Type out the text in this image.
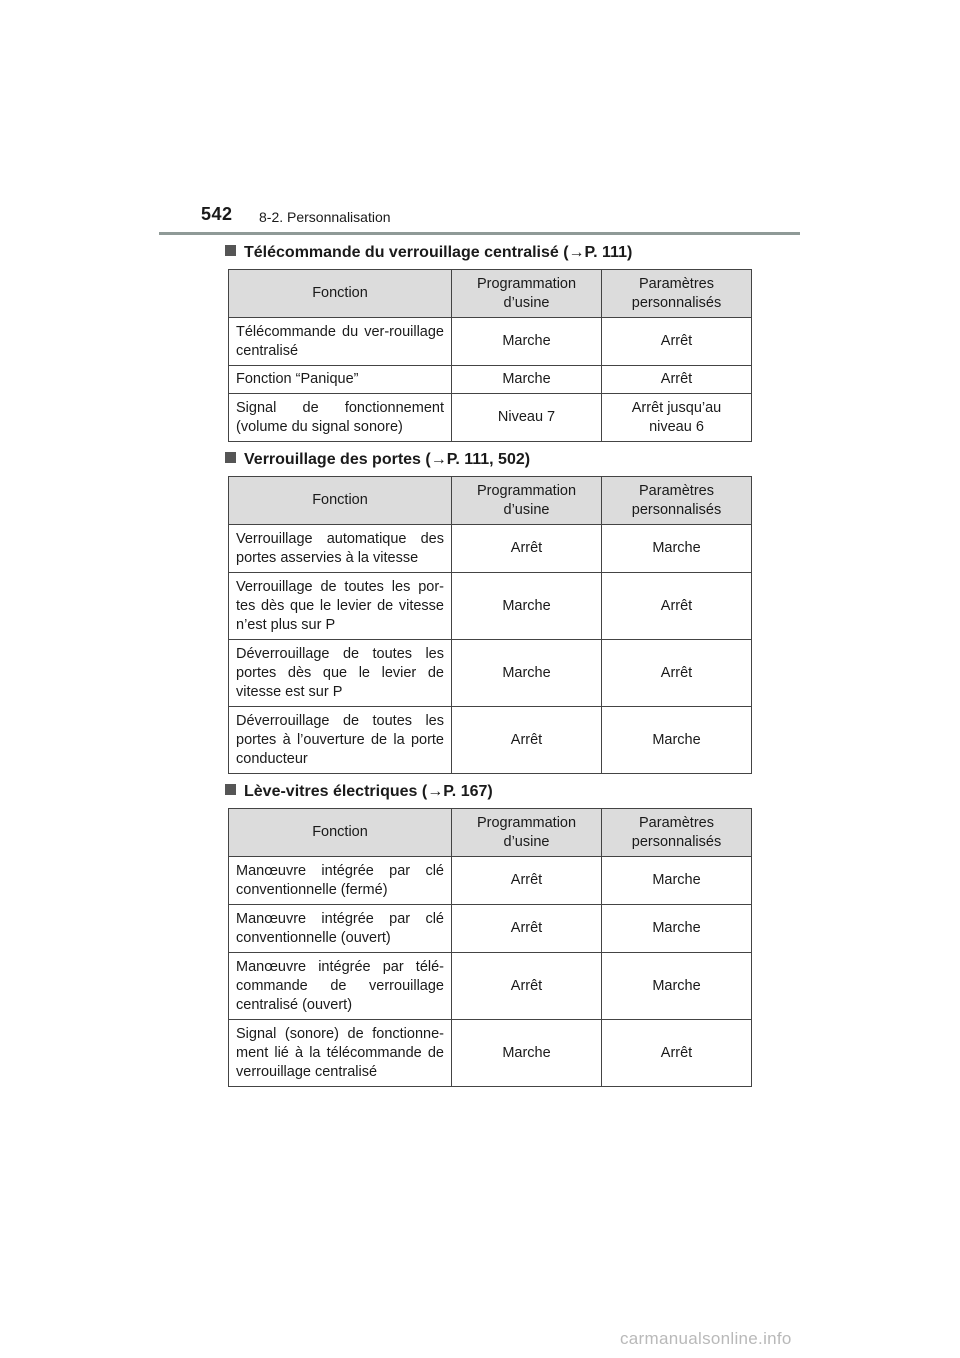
542 8-2. Personnalisation
Télécommande du verrouillage centralisé (→P. 111)
Fonction	Programmation d’usine	Paramètres personnalisés
Télécommande du ver-rouillage centralisé	Marche	Arrêt
Fonction “Panique”	Marche	Arrêt
Signal de fonctionnement (volume du signal sonore)	Niveau 7	Arrêt jusqu’au niveau 6
Verrouillage des portes (→P. 111, 502)
Fonction	Programmation d’usine	Paramètres personnalisés
Verrouillage automatique des portes asservies à la vitesse	Arrêt	Marche
Verrouillage de toutes les por-tes dès que le levier de vitesse n’est plus sur P	Marche	Arrêt
Déverrouillage de toutes les portes dès que le levier de vitesse est sur P	Marche	Arrêt
Déverrouillage de toutes les portes à l’ouverture de la porte conducteur	Arrêt	Marche
Lève-vitres électriques (→P. 167)
Fonction	Programmation d’usine	Paramètres personnalisés
Manœuvre intégrée par clé conventionnelle (fermé)	Arrêt	Marche
Manœuvre intégrée par clé conventionnelle (ouvert)	Arrêt	Marche
Manœuvre intégrée par télé-commande de verrouillage centralisé (ouvert)	Arrêt	Marche
Signal (sonore) de fonctionne-ment lié à la télécommande de verrouillage centralisé	Marche	Arrêt
carmanualsonline.info
